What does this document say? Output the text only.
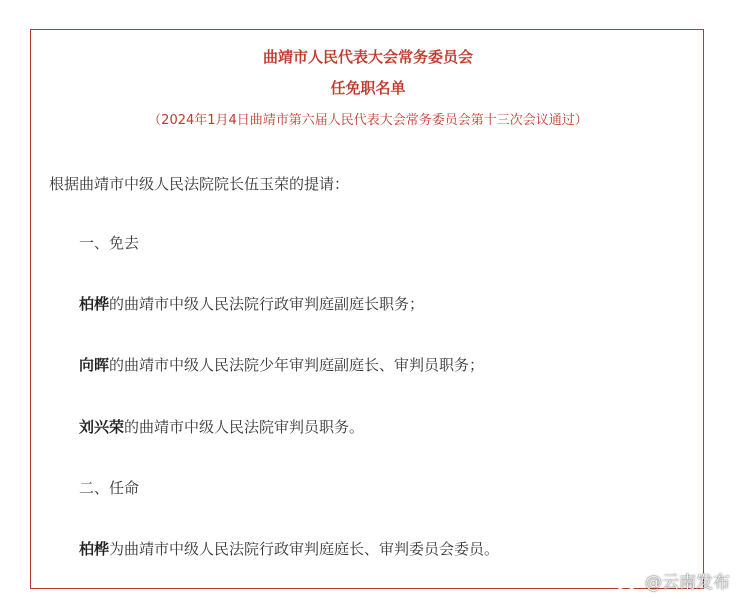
曲靖市人民代表大会常务委员会
任免职名单
（2024年1月4日曲靖市第六届人民代表大会常务委员会第十三次会议通过）
根据曲靖市中级人民法院院长伍玉荣的提请：
一、免去
柏桦的曲靖市中级人民法院行政审判庭副庭长职务；
向晖的曲靖市中级人民法院少年审判庭副庭长、审判员职务；
刘兴荣的曲靖市中级人民法院审判员职务。
二、任命
柏桦为曲靖市中级人民法院行政审判庭庭长、审判委员会委员。
@云南发布
